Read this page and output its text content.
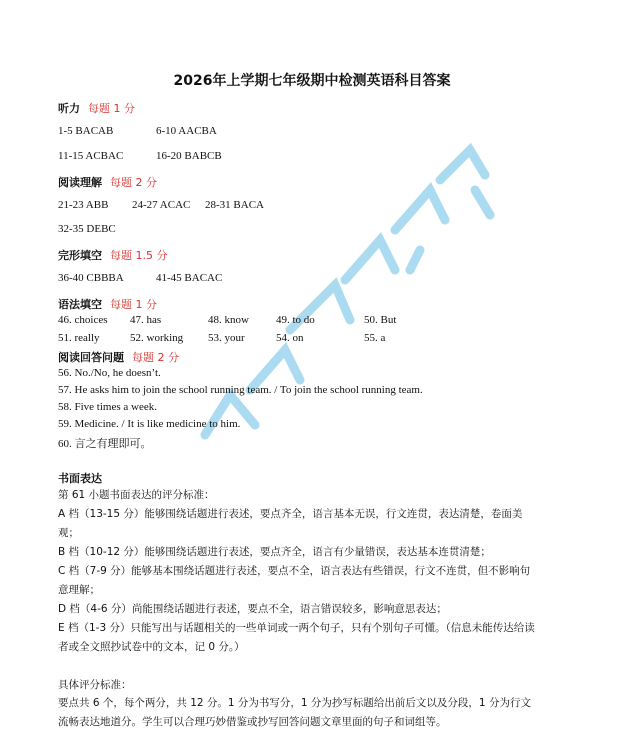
2026年上学期七年级期中检测英语科目答案
听力 每题 1 分
1-5 BACAB	6-10 AACBA
11-15 ACBAC	16-20 BABCB
阅读理解 每题 2 分
21-23 ABB 24-27 ACAC 28-31 BACA
32-35 DEBC
完形填空 每题 1.5 分
36-40 CBBBA	41-45 BACAC
语法填空 每题 1 分
46. choices 47. has	48. know 49. to do	50. But
51. really	52. working 53. your	54. on	55. a
阅读回答问题 每题 2 分
56. No./No, he doesn’t.
57. He asks him to join the school running team. / To join the school running team.
58. Five times a week.
59. Medicine. / It is like medicine to him.
60. 言之有理即可。
书面表达
第 61 小题书面表达的评分标准：
A 档（13-15 分）能够围绕话题进行表述，要点齐全，语言基本无误，行文连贯，表达清楚，卷面美观；
B 档（10-12 分）能够围绕话题进行表述，要点齐全，语言有少量错误，表达基本连贯清楚；
C 档（7-9 分）能够基本围绕话题进行表述，要点不全，语言表达有些错误，行文不连贯，但不影响句意理解；
D 档（4-6 分）尚能围绕话题进行表述，要点不全，语言错误较多，影响意思表达；
E 档（1-3 分）只能写出与话题相关的一些单词或一两个句子，只有个别句子可懂。（信息未能传达给读者或全文照抄试卷中的文本，记 0 分。）
具体评分标准：
要点共 6 个，每个两分，共 12 分。1 分为书写分，1 分为抄写标题给出前后文以及分段，1 分为行文流畅表达地道分。学生可以合理巧妙借鉴或抄写回答问题文章里面的句子和词组等。
